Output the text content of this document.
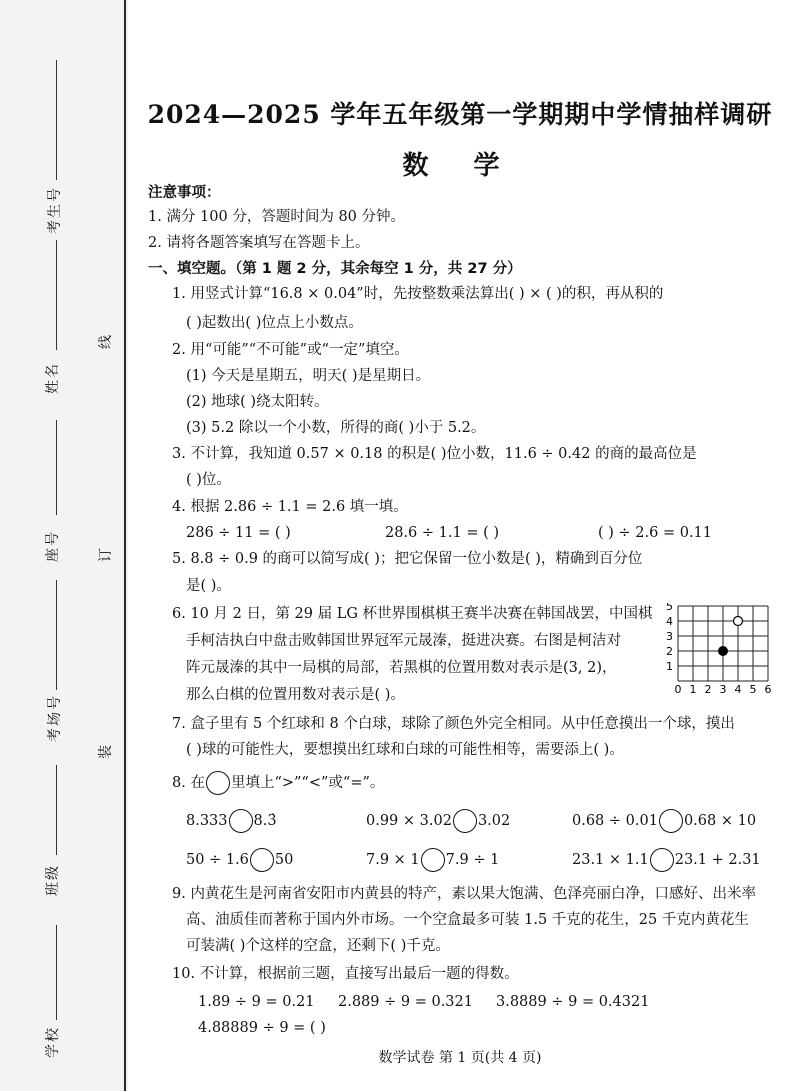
考生号
姓名
座号
考场号
班级
学校
线
订
装
2024—2025 学年五年级第一学期期中学情抽样调研
数 学
注意事项：
1. 满分 100 分，答题时间为 80 分钟。
2. 请将各题答案填写在答题卡上。
一、填空题。（第 1 题 2 分，其余每空 1 分，共 27 分）
1. 用竖式计算“16.8 × 0.04”时，先按整数乘法算出( ) × ( )的积，再从积的
( )起数出( )位点上小数点。
2. 用“可能”“不可能”或“一定”填空。
(1) 今天是星期五，明天( )是星期日。
(2) 地球( )绕太阳转。
(3) 5.2 除以一个小数，所得的商( )小于 5.2。
3. 不计算，我知道 0.57 × 0.18 的积是( )位小数，11.6 ÷ 0.42 的商的最高位是
( )位。
4. 根据 2.86 ÷ 1.1 = 2.6 填一填。
286 ÷ 11 = ( )	28.6 ÷ 1.1 = ( )	( ) ÷ 2.6 = 0.11
5. 8.8 ÷ 0.9 的商可以简写成( )；把它保留一位小数是( )，精确到百分位
是( )。
6. 10 月 2 日，第 29 届 LG 杯世界围棋棋王赛半决赛在韩国战罢，中国棋
手柯洁执白中盘击败韩国世界冠军元晟溱，挺进决赛。右图是柯洁对
阵元晟溱的其中一局棋的局部，若黑棋的位置用数对表示是(3, 2)，
那么白棋的位置用数对表示是( )。	0 1 2 3 4 5 6
1
2
3
4
5
7. 盒子里有 5 个红球和 8 个白球，球除了颜色外完全相同。从中任意摸出一个球，摸出
( )球的可能性大，要想摸出红球和白球的可能性相等，需要添上( )。
8. 在 里填上“>”“<”或“=”。
8.333 8.3̇	0.99 × 3.02 3.02	0.68 ÷ 0.01 0.68 × 10
50 ÷ 1.6 50	7.9 × 1 7.9 ÷ 1	23.1 × 1.1 23.1 + 2.31
9. 内黄花生是河南省安阳市内黄县的特产，素以果大饱满、色泽亮丽白净，口感好、出米率
高、油质佳而著称于国内外市场。一个空盒最多可装 1.5 千克的花生，25 千克内黄花生
可装满( )个这样的空盒，还剩下( )千克。
10. 不计算，根据前三题，直接写出最后一题的得数。
1.89 ÷ 9 = 0.21 2.889 ÷ 9 = 0.321 3.8889 ÷ 9 = 0.4321
4.88889 ÷ 9 = ( )
数学试卷 第 1 页(共 4 页)
